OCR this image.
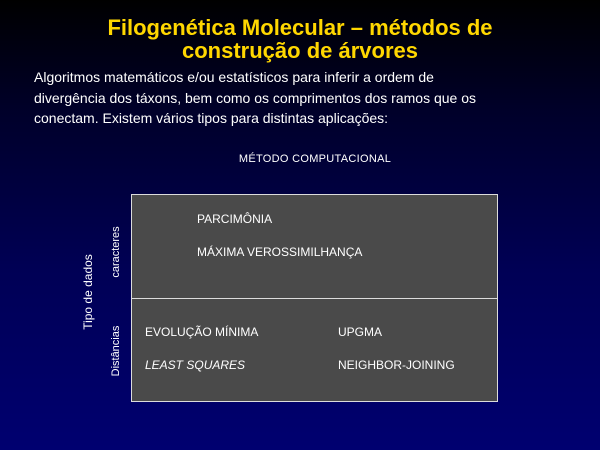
Filogenética Molecular – métodos de
construção de árvores

Algoritmos matemáticos e/ou estatísticos para inferir a ordem de
divergência dos táxons, bem como os comprimentos dos ramos que os
conectam. Existem vários tipos para distintas aplicações:

MÉTODO COMPUTACIONAL
Tipo de dados
caracteres
Distâncias
PARCIMÔNIA
MÁXIMA VEROSSIMILHANÇA
EVOLUÇÃO MÍNIMA
LEAST SQUARES
UPGMA
NEIGHBOR-JOINING
